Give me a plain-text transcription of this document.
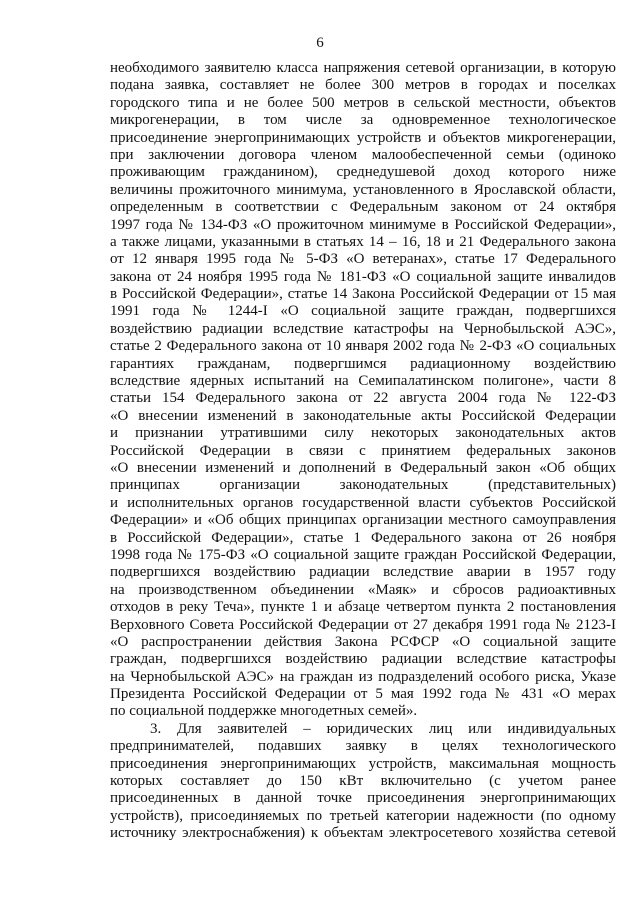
6
необходимого заявителю класса напряжения сетевой организации, в которую
подана заявка, составляет не более 300 метров в городах и поселках
городского типа и не более 500 метров в сельской местности, объектов
микрогенерации, в том числе за одновременное технологическое
присоединение энергопринимающих устройств и объектов микрогенерации,
при заключении договора членом малообеспеченной семьи (одиноко
проживающим гражданином), среднедушевой доход которого ниже
величины прожиточного минимума, установленного в Ярославской области,
определенным в соответствии с Федеральным законом от 24 октября
1997 года № 134-ФЗ «О прожиточном минимуме в Российской Федерации»,
а также лицами, указанными в статьях 14 – 16, 18 и 21 Федерального закона
от 12 января 1995 года № 5-ФЗ «О ветеранах», статье 17 Федерального
закона от 24 ноября 1995 года № 181-ФЗ «О социальной защите инвалидов
в Российской Федерации», статье 14 Закона Российской Федерации от 15 мая
1991 года № 1244-I «О социальной защите граждан, подвергшихся
воздействию радиации вследствие катастрофы на Чернобыльской АЭС»,
статье 2 Федерального закона от 10 января 2002 года № 2-ФЗ «О социальных
гарантиях гражданам, подвергшимся радиационному воздействию
вследствие ядерных испытаний на Семипалатинском полигоне», части 8
статьи 154 Федерального закона от 22 августа 2004 года № 122-ФЗ
«О внесении изменений в законодательные акты Российской Федерации
и признании утратившими силу некоторых законодательных актов
Российской Федерации в связи с принятием федеральных законов
«О внесении изменений и дополнений в Федеральный закон «Об общих
принципах организации законодательных (представительных)
и исполнительных органов государственной власти субъектов Российской
Федерации» и «Об общих принципах организации местного самоуправления
в Российской Федерации», статье 1 Федерального закона от 26 ноября
1998 года № 175-ФЗ «О социальной защите граждан Российской Федерации,
подвергшихся воздействию радиации вследствие аварии в 1957 году
на производственном объединении «Маяк» и сбросов радиоактивных
отходов в реку Теча», пункте 1 и абзаце четвертом пункта 2 постановления
Верховного Совета Российской Федерации от 27 декабря 1991 года № 2123-I
«О распространении действия Закона РСФСР «О социальной защите
граждан, подвергшихся воздействию радиации вследствие катастрофы
на Чернобыльской АЭС» на граждан из подразделений особого риска, Указе
Президента Российской Федерации от 5 мая 1992 года № 431 «О мерах
по социальной поддержке многодетных семей».
3. Для заявителей – юридических лиц или индивидуальных
предпринимателей, подавших заявку в целях технологического
присоединения энергопринимающих устройств, максимальная мощность
которых составляет до 150 кВт включительно (с учетом ранее
присоединенных в данной точке присоединения энергопринимающих
устройств), присоединяемых по третьей категории надежности (по одному
источнику электроснабжения) к объектам электросетевого хозяйства сетевой
